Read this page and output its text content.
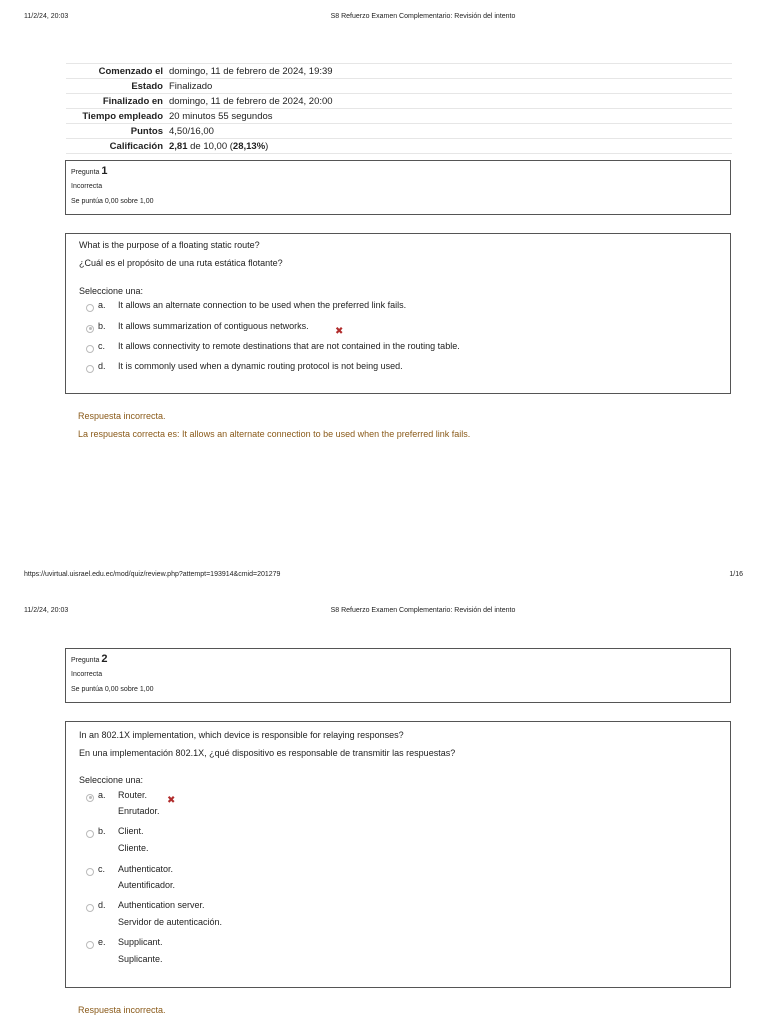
11/2/24, 20:03	S8 Refuerzo Examen Complementario: Revisión del intento
Comenzado el	domingo, 11 de febrero de 2024, 19:39
Estado	Finalizado
Finalizado en	domingo, 11 de febrero de 2024, 20:00
Tiempo empleado	20 minutos 55 segundos
Puntos	4,50/16,00
Calificación	2,81 de 10,00 (28,13%)
Pregunta 1
Incorrecta
Se puntúa 0,00 sobre 1,00
What is the purpose of a floating static route?
¿Cuál es el propósito de una ruta estática flotante?
Seleccione una:
a. It allows an alternate connection to be used when the preferred link fails.
b. It allows summarization of contiguous networks.	✖
c. It allows connectivity to remote destinations that are not contained in the routing table.
d. It is commonly used when a dynamic routing protocol is not being used.
Respuesta incorrecta.
La respuesta correcta es: It allows an alternate connection to be used when the preferred link fails.
https://uvirtual.uisrael.edu.ec/mod/quiz/review.php?attempt=193914&cmid=201279	1/16
11/2/24, 20:03	S8 Refuerzo Examen Complementario: Revisión del intento
Pregunta 2
Incorrecta
Se puntúa 0,00 sobre 1,00
In an 802.1X implementation, which device is responsible for relaying responses?
En una implementación 802.1X, ¿qué dispositivo es responsable de transmitir las respuestas?
Seleccione una:
a. Router.
Enrutador.
✖
b. Client.
Cliente.
c. Authenticator.
Autentificador.
d. Authentication server.
Servidor de autenticación.
e. Supplicant.
Suplicante.
Respuesta incorrecta.
